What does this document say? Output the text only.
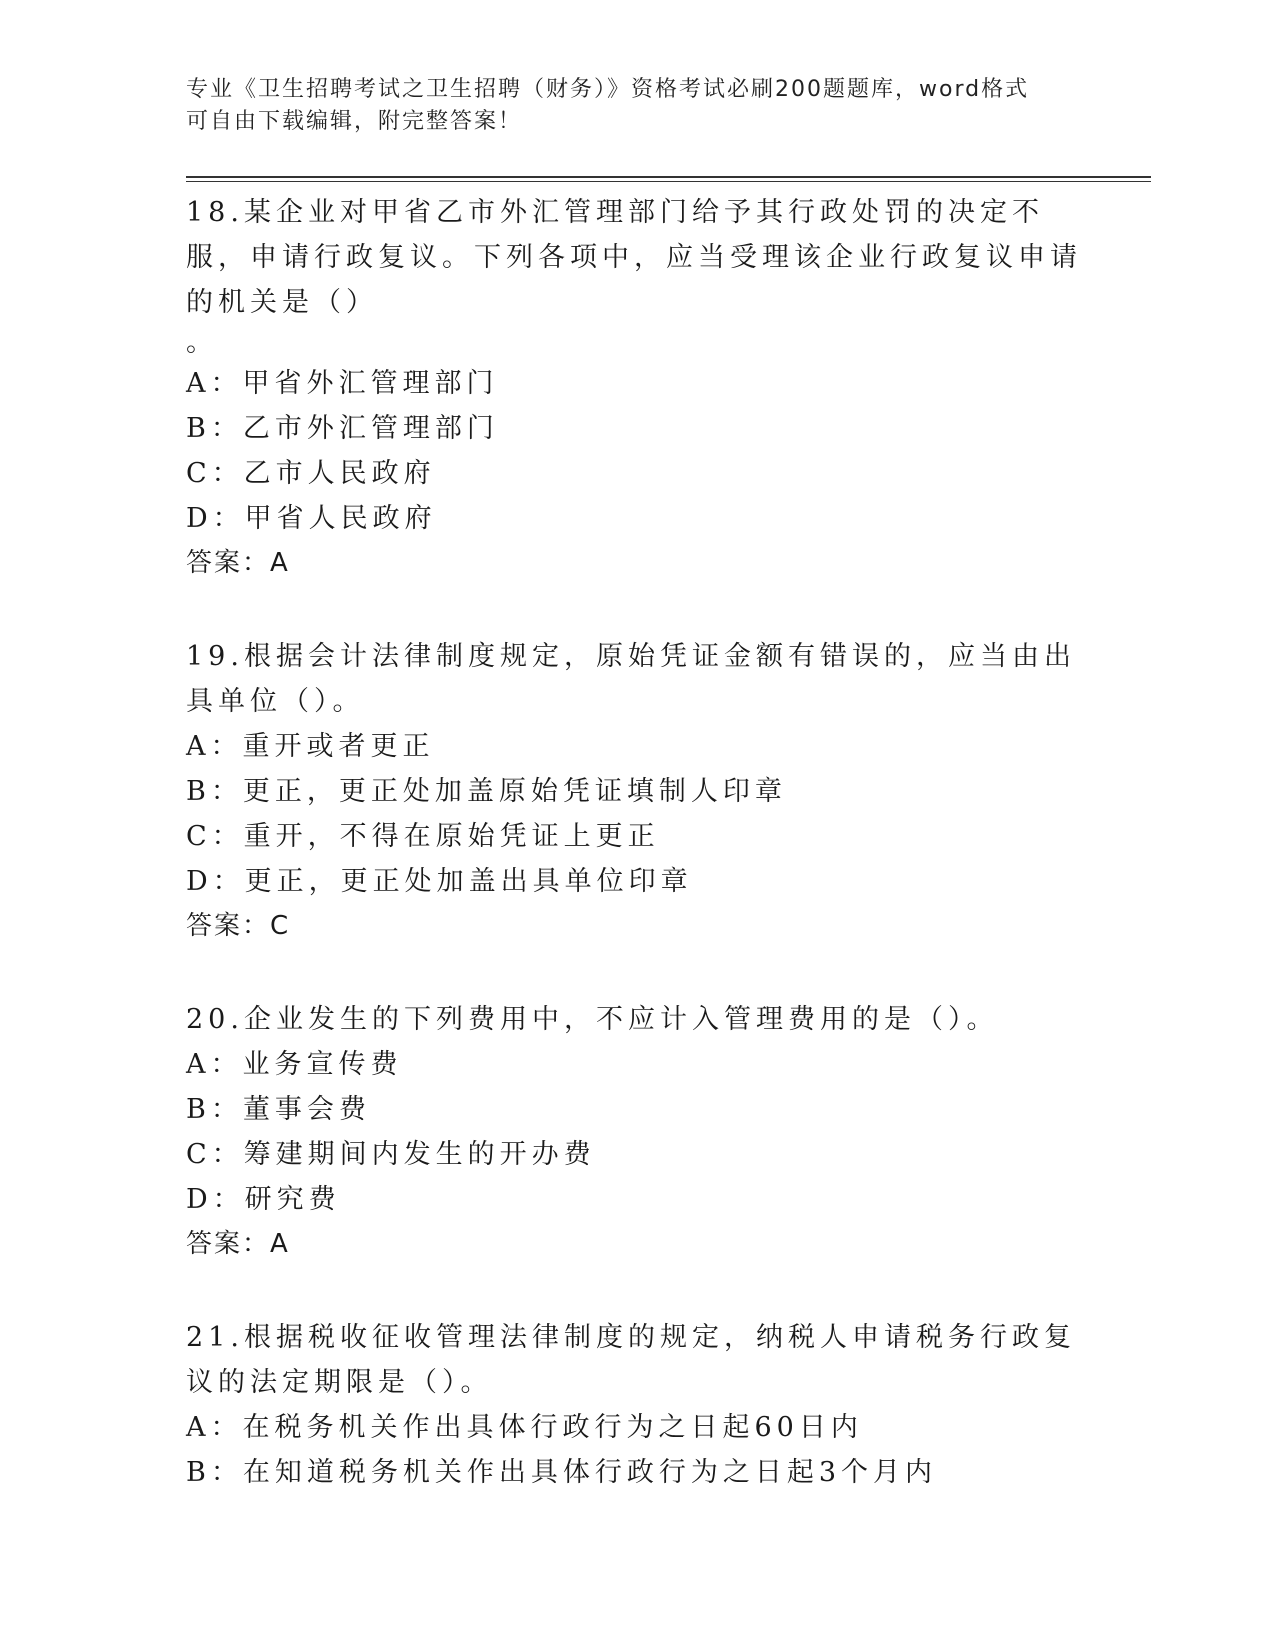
专业《卫生招聘考试之卫生招聘（财务）》资格考试必刷200题题库，word格式

可自由下载编辑，附完整答案！

18.某企业对甲省乙市外汇管理部门给予其行政处罚的决定不服，申请行政复议。下列各项中，应当受理该企业行政复议申请的机关是（）

。

A：甲省外汇管理部门

B：乙市外汇管理部门

C：乙市人民政府

D：甲省人民政府

答案：A

19.根据会计法律制度规定，原始凭证金额有错误的，应当由出具单位（）。

A：重开或者更正

B：更正，更正处加盖原始凭证填制人印章

C：重开，不得在原始凭证上更正

D：更正，更正处加盖出具单位印章

答案：C

20.企业发生的下列费用中，不应计入管理费用的是（）。

A：业务宣传费

B：董事会费

C：筹建期间内发生的开办费

D：研究费

答案：A

21.根据税收征收管理法律制度的规定，纳税人申请税务行政复议的法定期限是（）。

A：在税务机关作出具体行政行为之日起60日内

B：在知道税务机关作出具体行政行为之日起3个月内
